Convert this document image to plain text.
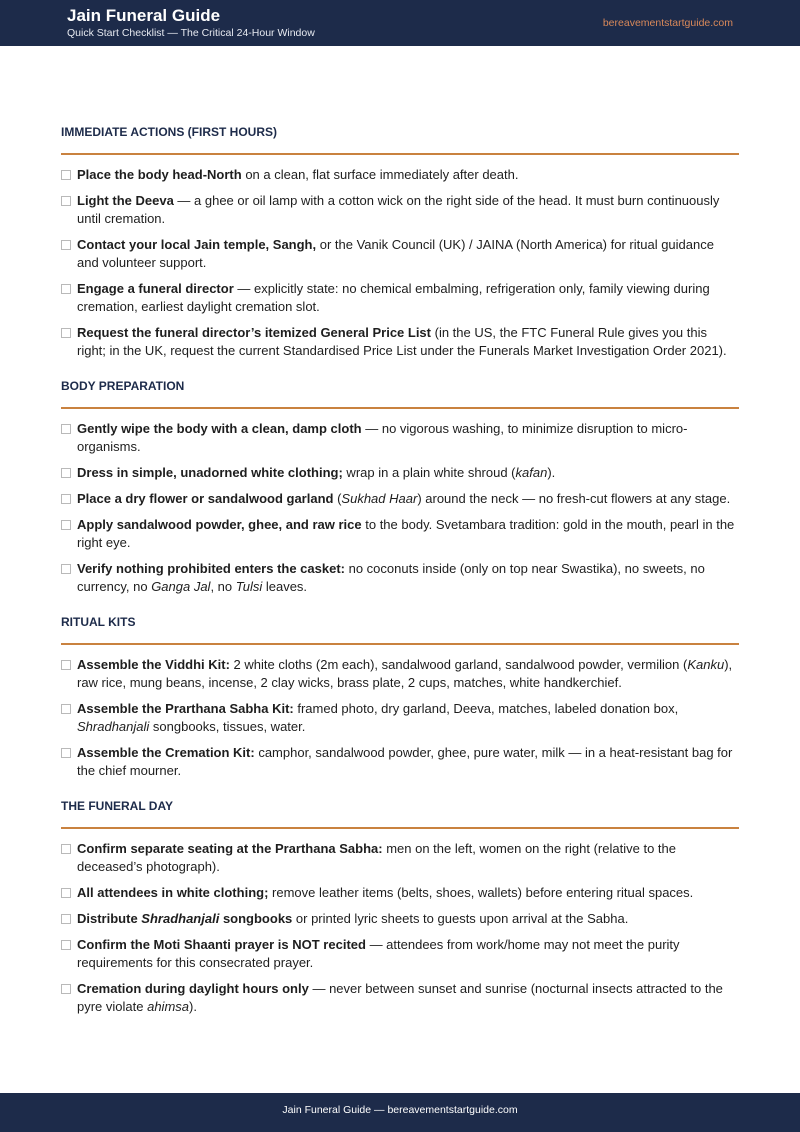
Jain Funeral Guide
Quick Start Checklist — The Critical 24-Hour Window
bereavementstartguide.com
IMMEDIATE ACTIONS (FIRST HOURS)
Place the body head-North on a clean, flat surface immediately after death.
Light the Deeva — a ghee or oil lamp with a cotton wick on the right side of the head. It must burn continuously until cremation.
Contact your local Jain temple, Sangh, or the Vanik Council (UK) / JAINA (North America) for ritual guidance and volunteer support.
Engage a funeral director — explicitly state: no chemical embalming, refrigeration only, family viewing during cremation, earliest daylight cremation slot.
Request the funeral director’s itemized General Price List (in the US, the FTC Funeral Rule gives you this right; in the UK, request the current Standardised Price List under the Funerals Market Investigation Order 2021).
BODY PREPARATION
Gently wipe the body with a clean, damp cloth — no vigorous washing, to minimize disruption to micro-organisms.
Dress in simple, unadorned white clothing; wrap in a plain white shroud (kafan).
Place a dry flower or sandalwood garland (Sukhad Haar) around the neck — no fresh-cut flowers at any stage.
Apply sandalwood powder, ghee, and raw rice to the body. Svetambara tradition: gold in the mouth, pearl in the right eye.
Verify nothing prohibited enters the casket: no coconuts inside (only on top near Swastika), no sweets, no currency, no Ganga Jal, no Tulsi leaves.
RITUAL KITS
Assemble the Viddhi Kit: 2 white cloths (2m each), sandalwood garland, sandalwood powder, vermilion (Kanku), raw rice, mung beans, incense, 2 clay wicks, brass plate, 2 cups, matches, white handkerchief.
Assemble the Prarthana Sabha Kit: framed photo, dry garland, Deeva, matches, labeled donation box, Shradhanjali songbooks, tissues, water.
Assemble the Cremation Kit: camphor, sandalwood powder, ghee, pure water, milk — in a heat-resistant bag for the chief mourner.
THE FUNERAL DAY
Confirm separate seating at the Prarthana Sabha: men on the left, women on the right (relative to the deceased’s photograph).
All attendees in white clothing; remove leather items (belts, shoes, wallets) before entering ritual spaces.
Distribute Shradhanjali songbooks or printed lyric sheets to guests upon arrival at the Sabha.
Confirm the Moti Shaanti prayer is NOT recited — attendees from work/home may not meet the purity requirements for this consecrated prayer.
Cremation during daylight hours only — never between sunset and sunrise (nocturnal insects attracted to the pyre violate ahimsa).
Jain Funeral Guide — bereavementstartguide.com
